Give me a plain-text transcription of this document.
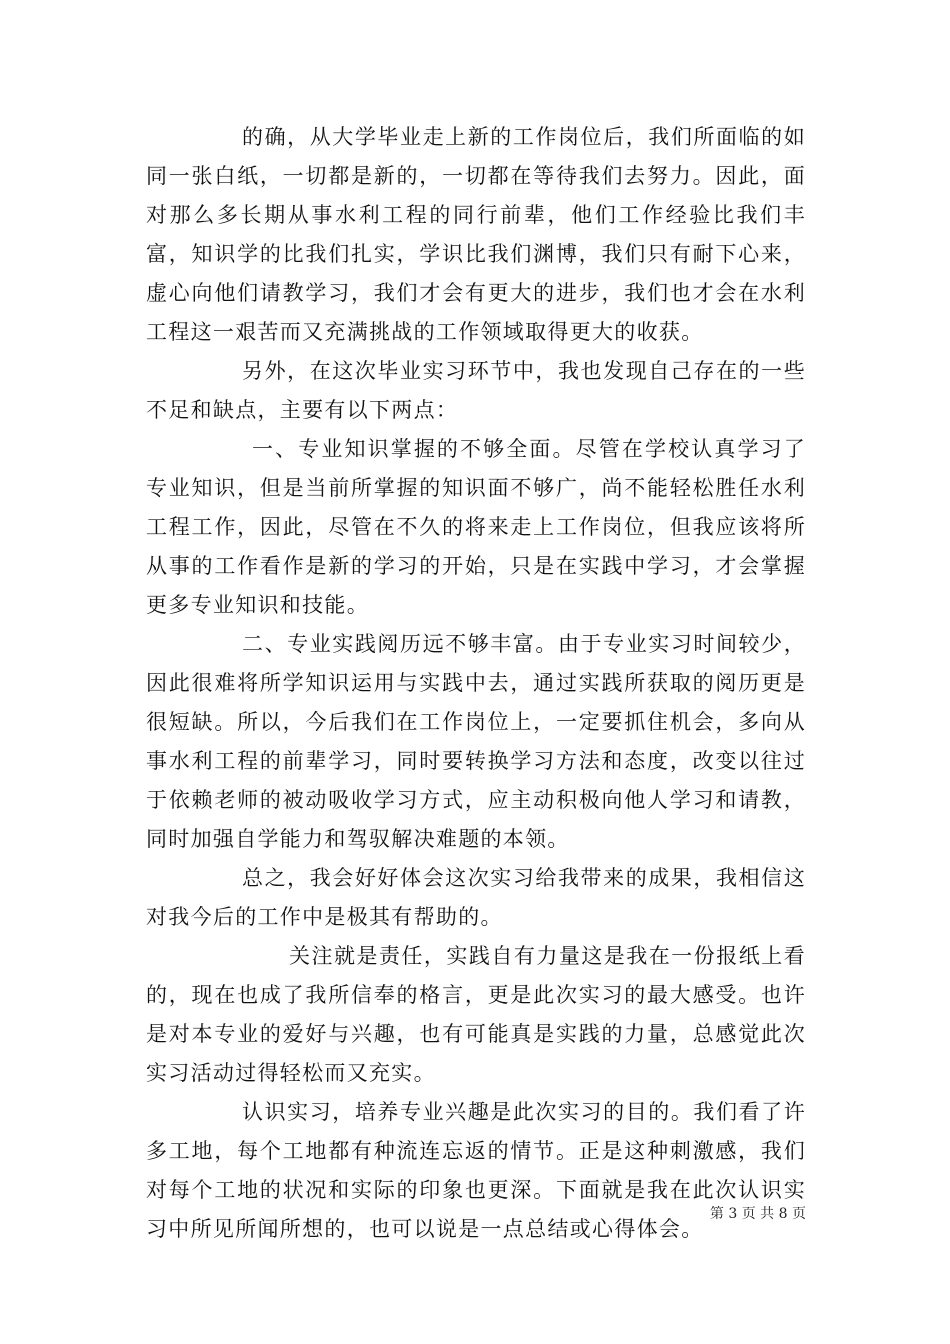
的确，从大学毕业走上新的工作岗位后，我们所面临的如同一张白纸，一切都是新的，一切都在等待我们去努力。因此，面对那么多长期从事水利工程的同行前辈，他们工作经验比我们丰富，知识学的比我们扎实，学识比我们渊博，我们只有耐下心来，虚心向他们请教学习，我们才会有更大的进步，我们也才会在水利工程这一艰苦而又充满挑战的工作领域取得更大的收获。

另外，在这次毕业实习环节中，我也发现自己存在的一些不足和缺点，主要有以下两点：

一、专业知识掌握的不够全面。尽管在学校认真学习了专业知识，但是当前所掌握的知识面不够广，尚不能轻松胜任水利工程工作，因此，尽管在不久的将来走上工作岗位，但我应该将所从事的工作看作是新的学习的开始，只是在实践中学习，才会掌握更多专业知识和技能。

二、专业实践阅历远不够丰富。由于专业实习时间较少，因此很难将所学知识运用与实践中去，通过实践所获取的阅历更是很短缺。所以，今后我们在工作岗位上，一定要抓住机会，多向从事水利工程的前辈学习，同时要转换学习方法和态度，改变以往过于依赖老师的被动吸收学习方式，应主动积极向他人学习和请教，同时加强自学能力和驾驭解决难题的本领。

总之，我会好好体会这次实习给我带来的成果，我相信这对我今后的工作中是极其有帮助的。

关注就是责任，实践自有力量这是我在一份报纸上看的，现在也成了我所信奉的格言，更是此次实习的最大感受。也许是对本专业的爱好与兴趣，也有可能真是实践的力量，总感觉此次实习活动过得轻松而又充实。

认识实习，培养专业兴趣是此次实习的目的。我们看了许多工地，每个工地都有种流连忘返的情节。正是这种刺激感，我们对每个工地的状况和实际的印象也更深。下面就是我在此次认识实习中所见所闻所想的，也可以说是一点总结或心得体会。

第 3 页 共 8 页
